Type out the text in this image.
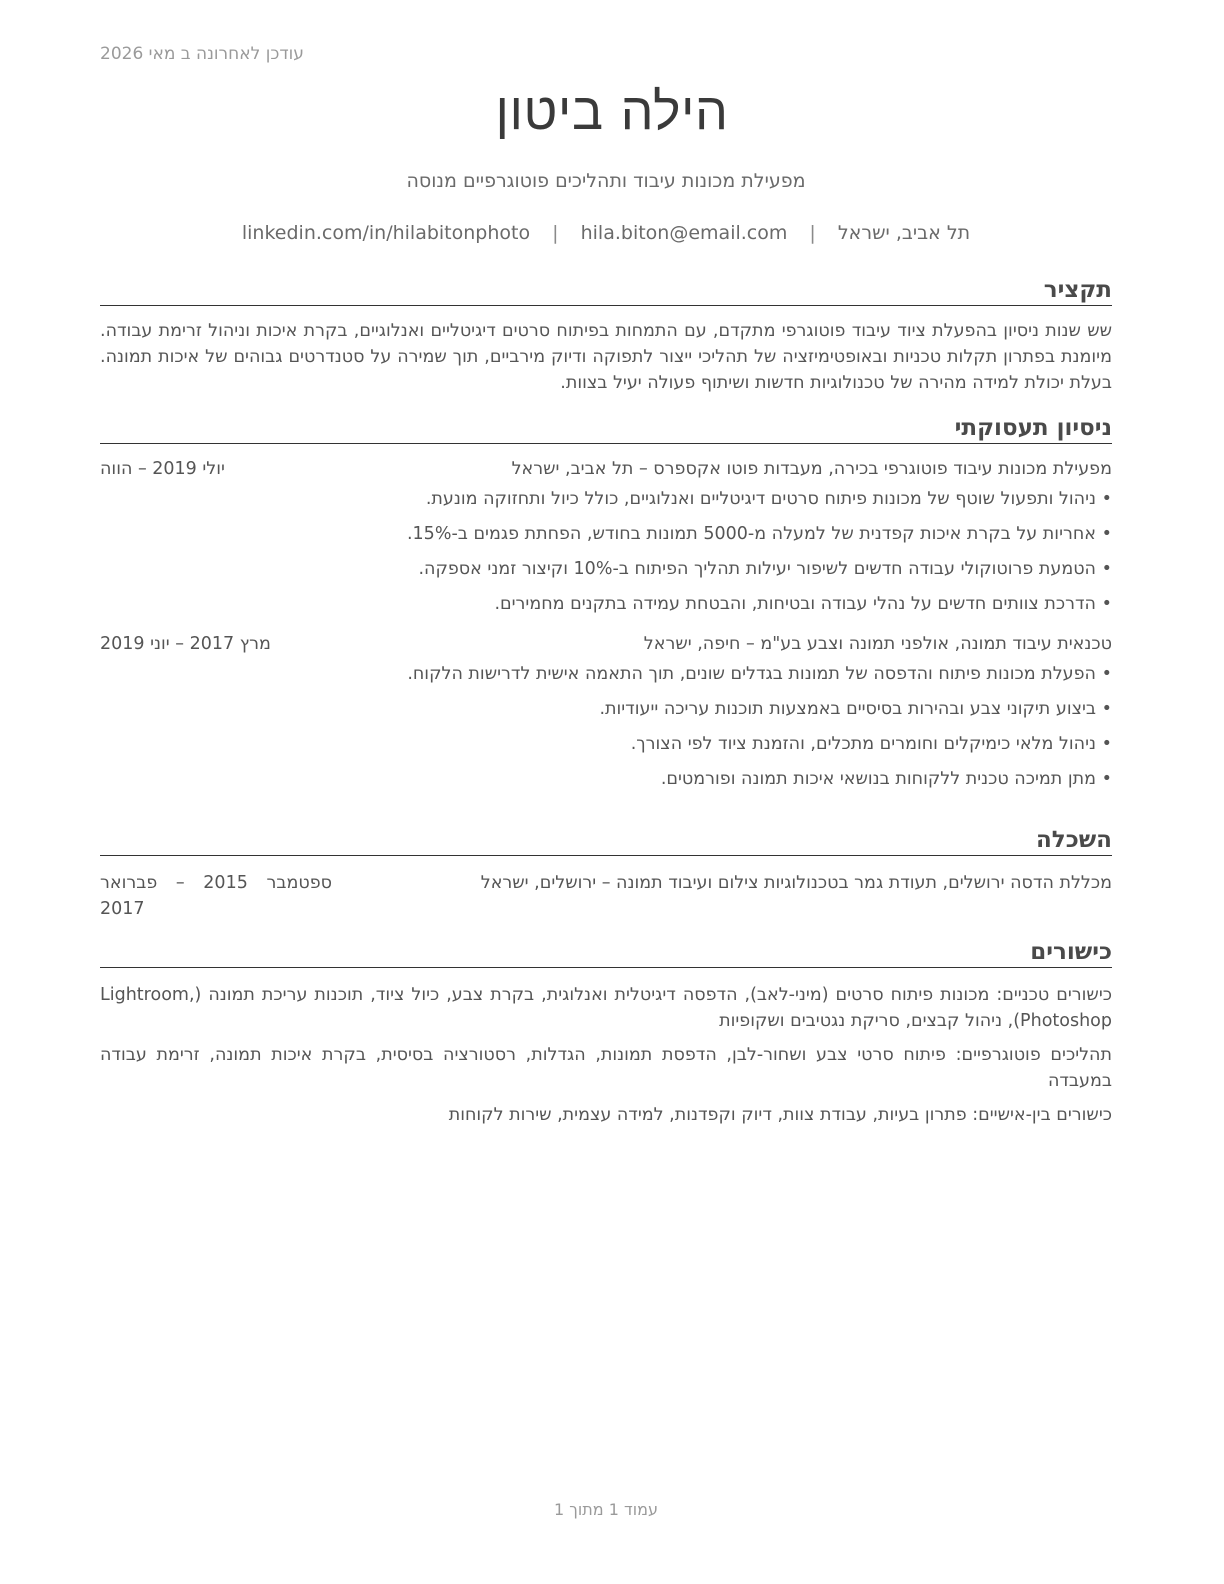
עודכן לאחרונה ב מאי 2026
הילה ביטון
מפעילת מכונות עיבוד ותהליכים פוטוגרפיים מנוסה
תל אביב, ישראל | hila.biton@email.com | linkedin.com/in/hilabitonphoto
תקציר
שש שנות ניסיון בהפעלת ציוד עיבוד פוטוגרפי מתקדם, עם התמחות בפיתוח סרטים דיגיטליים ואנלוגיים, בקרת איכות וניהול זרימת עבודה. מיומנת בפתרון תקלות טכניות ובאופטימיזציה של תהליכי ייצור לתפוקה ודיוק מירביים, תוך שמירה על סטנדרטים גבוהים של איכות תמונה. בעלת יכולת למידה מהירה של טכנולוגיות חדשות ושיתוף פעולה יעיל בצוות.
ניסיון תעסוקתי
מפעילת מכונות עיבוד פוטוגרפי בכירה, מעבדות פוטו אקספרס – תל אביב, ישראל
יולי 2019 – הווה
• ניהול ותפעול שוטף של מכונות פיתוח סרטים דיגיטליים ואנלוגיים, כולל כיול ותחזוקה מונעת.
• אחריות על בקרת איכות קפדנית של למעלה מ-5000 תמונות בחודש, הפחתת פגמים ב-15%.
• הטמעת פרוטוקולי עבודה חדשים לשיפור יעילות תהליך הפיתוח ב-10% וקיצור זמני אספקה.
• הדרכת צוותים חדשים על נהלי עבודה ובטיחות, והבטחת עמידה בתקנים מחמירים.
טכנאית עיבוד תמונה, אולפני תמונה וצבע בע"מ – חיפה, ישראל
מרץ 2017 – יוני 2019
• הפעלת מכונות פיתוח והדפסה של תמונות בגדלים שונים, תוך התאמה אישית לדרישות הלקוח.
• ביצוע תיקוני צבע ובהירות בסיסיים באמצעות תוכנות עריכה ייעודיות.
• ניהול מלאי כימיקלים וחומרים מתכלים, והזמנת ציוד לפי הצורך.
• מתן תמיכה טכנית ללקוחות בנושאי איכות תמונה ופורמטים.
השכלה
מכללת הדסה ירושלים, תעודת גמר בטכנולוגיות צילום ועיבוד תמונה – ירושלים, ישראל
ספטמבר 2015 – פברואר 2017
כישורים
כישורים טכניים: מכונות פיתוח סרטים (מיני-לאב), הדפסה דיגיטלית ואנלוגית, בקרת צבע, כיול ציוד, תוכנות עריכת תמונה (Lightroom, Photoshop), ניהול קבצים, סריקת נגטיבים ושקופיות
תהליכים פוטוגרפיים: פיתוח סרטי צבע ושחור-לבן, הדפסת תמונות, הגדלות, רסטורציה בסיסית, בקרת איכות תמונה, זרימת עבודה במעבדה
כישורים בין-אישיים: פתרון בעיות, עבודת צוות, דיוק וקפדנות, למידה עצמית, שירות לקוחות
עמוד 1 מתוך 1
